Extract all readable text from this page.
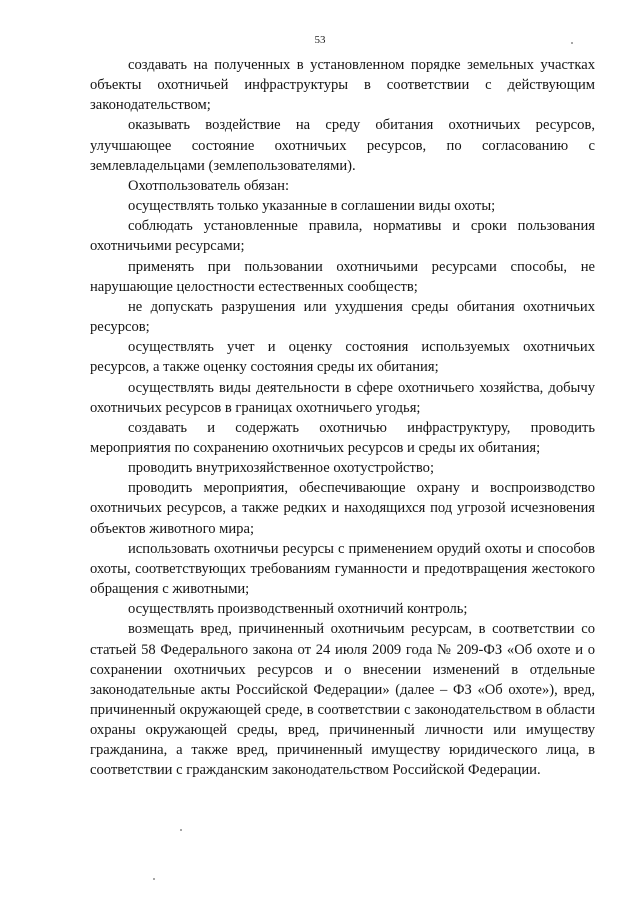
53

создавать на полученных в установленном порядке земельных участках объекты охотничьей инфраструктуры в соответствии с действующим законодательством;

оказывать воздействие на среду обитания охотничьих ресурсов, улучшающее состояние охотничьих ресурсов, по согласованию с землевладельцами (землепользователями).

Охотпользователь обязан:

осуществлять только указанные в соглашении виды охоты;

соблюдать установленные правила, нормативы и сроки пользования охотничьими ресурсами;

применять при пользовании охотничьими ресурсами способы, не нарушающие целостности естественных сообществ;

не допускать разрушения или ухудшения среды обитания охотничьих ресурсов;

осуществлять учет и оценку состояния используемых охотничьих ресурсов, а также оценку состояния среды их обитания;

осуществлять виды деятельности в сфере охотничьего хозяйства, добычу охотничьих ресурсов в границах охотничьего угодья;

создавать и содержать охотничью инфраструктуру, проводить мероприятия по сохранению охотничьих ресурсов и среды их обитания;

проводить внутрихозяйственное охотустройство;

проводить мероприятия, обеспечивающие охрану и воспроизводство охотничьих ресурсов, а также редких и находящихся под угрозой исчезновения объектов животного мира;

использовать охотничьи ресурсы с применением орудий охоты и способов охоты, соответствующих требованиям гуманности и предотвращения жестокого обращения с животными;

осуществлять производственный охотничий контроль;

возмещать вред, причиненный охотничьим ресурсам, в соответствии со статьей 58 Федерального закона от 24 июля 2009 года № 209-ФЗ «Об охоте и о сохранении охотничьих ресурсов и о внесении изменений в отдельные законодательные акты Российской Федерации» (далее – ФЗ «Об охоте»), вред, причиненный окружающей среде, в соответствии с законодательством в области охраны окружающей среды, вред, причиненный личности или имуществу гражданина, а также вред, причиненный имуществу юридического лица, в соответствии с гражданским законодательством Российской Федерации.
